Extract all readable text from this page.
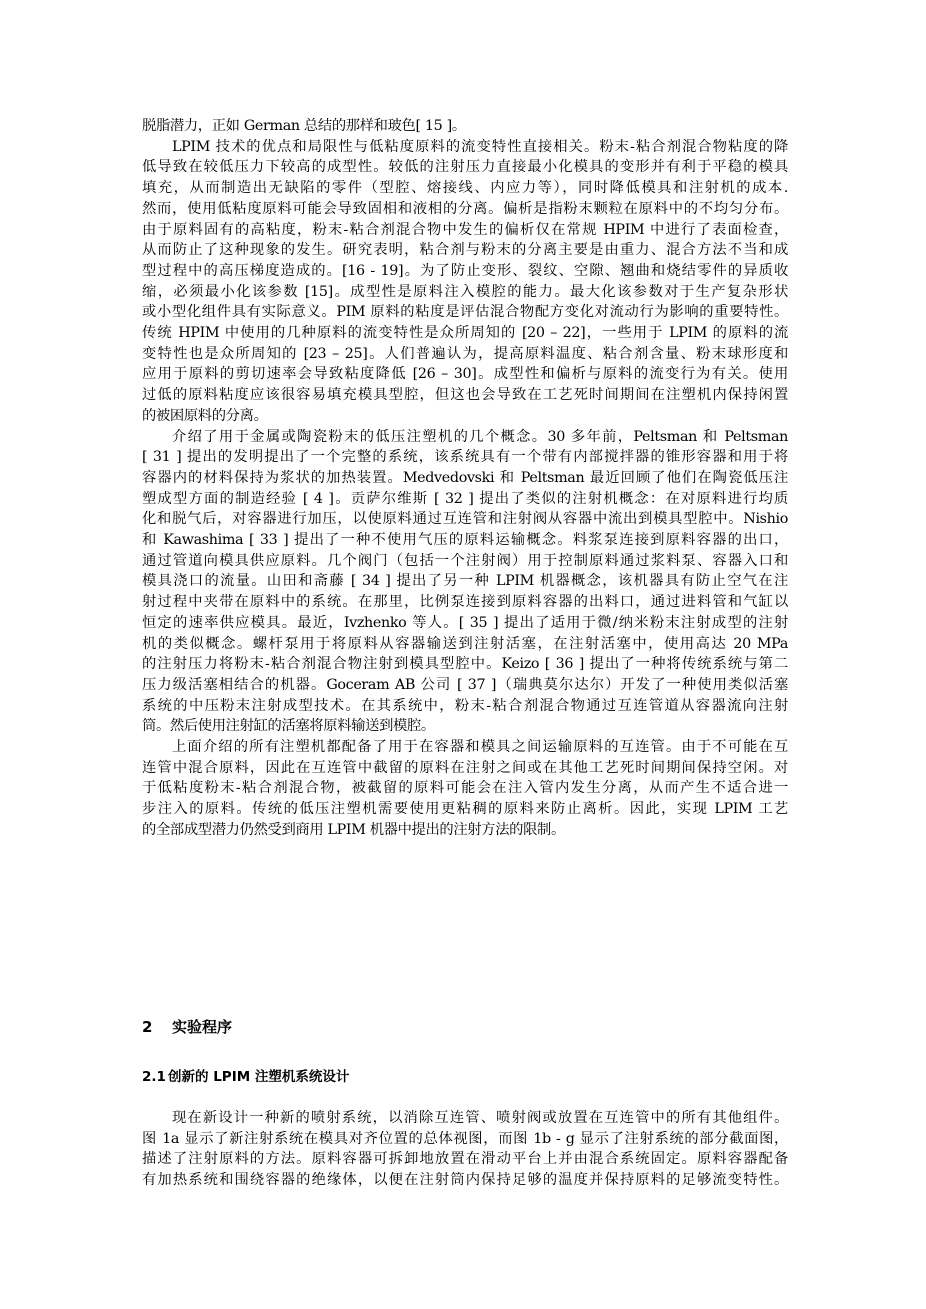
脱脂潜力，正如 German 总结的那样和玻色[ 15 ]。
LPIM 技术的优点和局限性与低粘度原料的流变特性直接相关。粉末-粘合剂混合物粘度的降
低导致在较低压力下较高的成型性。较低的注射压力直接最小化模具的变形并有利于平稳的模具
填充，从而制造出无缺陷的零件（型腔、熔接线、内应力等），同时降低模具和注射机的成本.
然而，使用低粘度原料可能会导致固相和液相的分离。偏析是指粉末颗粒在原料中的不均匀分布。
由于原料固有的高粘度，粉末-粘合剂混合物中发生的偏析仅在常规 HPIM 中进行了表面检查，
从而防止了这种现象的发生。研究表明，粘合剂与粉末的分离主要是由重力、混合方法不当和成
型过程中的高压梯度造成的。[16 - 19]。为了防止变形、裂纹、空隙、翘曲和烧结零件的异质收
缩，必须最小化该参数 [15]。成型性是原料注入模腔的能力。最大化该参数对于生产复杂形状
或小型化组件具有实际意义。PIM 原料的粘度是评估混合物配方变化对流动行为影响的重要特性。
传统 HPIM 中使用的几种原料的流变特性是众所周知的 [20 – 22]，一些用于 LPIM 的原料的流
变特性也是众所周知的 [23 – 25]。人们普遍认为，提高原料温度、粘合剂含量、粉末球形度和
应用于原料的剪切速率会导致粘度降低 [26 – 30]。成型性和偏析与原料的流变行为有关。使用
过低的原料粘度应该很容易填充模具型腔，但这也会导致在工艺死时间期间在注塑机内保持闲置
的被困原料的分离。
介绍了用于金属或陶瓷粉末的低压注塑机的几个概念。30 多年前，Peltsman 和 Peltsman
[ 31 ] 提出的发明提出了一个完整的系统，该系统具有一个带有内部搅拌器的锥形容器和用于将
容器内的材料保持为浆状的加热装置。Medvedovski 和 Peltsman 最近回顾了他们在陶瓷低压注
塑成型方面的制造经验 [ 4 ]。贡萨尔维斯 [ 32 ] 提出了类似的注射机概念：在对原料进行均质
化和脱气后，对容器进行加压，以使原料通过互连管和注射阀从容器中流出到模具型腔中。Nishio
和 Kawashima [ 33 ] 提出了一种不使用气压的原料运输概念。料浆泵连接到原料容器的出口，
通过管道向模具供应原料。几个阀门（包括一个注射阀）用于控制原料通过浆料泵、容器入口和
模具浇口的流量。山田和斋藤 [ 34 ] 提出了另一种 LPIM 机器概念，该机器具有防止空气在注
射过程中夹带在原料中的系统。在那里，比例泵连接到原料容器的出料口，通过进料管和气缸以
恒定的速率供应模具。最近，Ivzhenko 等人。[ 35 ] 提出了适用于微/纳米粉末注射成型的注射
机的类似概念。螺杆泵用于将原料从容器输送到注射活塞，在注射活塞中，使用高达 20 MPa
的注射压力将粉末-粘合剂混合物注射到模具型腔中。Keizo [ 36 ] 提出了一种将传统系统与第二
压力级活塞相结合的机器。Goceram AB 公司 [ 37 ]（瑞典莫尔达尔）开发了一种使用类似活塞
系统的中压粉末注射成型技术。在其系统中，粉末-粘合剂混合物通过互连管道从容器流向注射
筒。然后使用注射缸的活塞将原料输送到模腔。
上面介绍的所有注塑机都配备了用于在容器和模具之间运输原料的互连管。由于不可能在互
连管中混合原料，因此在互连管中截留的原料在注射之间或在其他工艺死时间期间保持空闲。对
于低粘度粉末-粘合剂混合物，被截留的原料可能会在注入管内发生分离，从而产生不适合进一
步注入的原料。传统的低压注塑机需要使用更粘稠的原料来防止离析。因此，实现 LPIM 工艺
的全部成型潜力仍然受到商用 LPIM 机器中提出的注射方法的限制。
2 实验程序
2.1 创新的 LPIM 注塑机系统设计
现在新设计一种新的喷射系统，以消除互连管、喷射阀或放置在互连管中的所有其他组件。
图 1a 显示了新注射系统在模具对齐位置的总体视图，而图 1b - g 显示了注射系统的部分截面图，
描述了注射原料的方法。原料容器可拆卸地放置在滑动平台上并由混合系统固定。原料容器配备
有加热系统和围绕容器的绝缘体，以便在注射筒内保持足够的温度并保持原料的足够流变特性。
